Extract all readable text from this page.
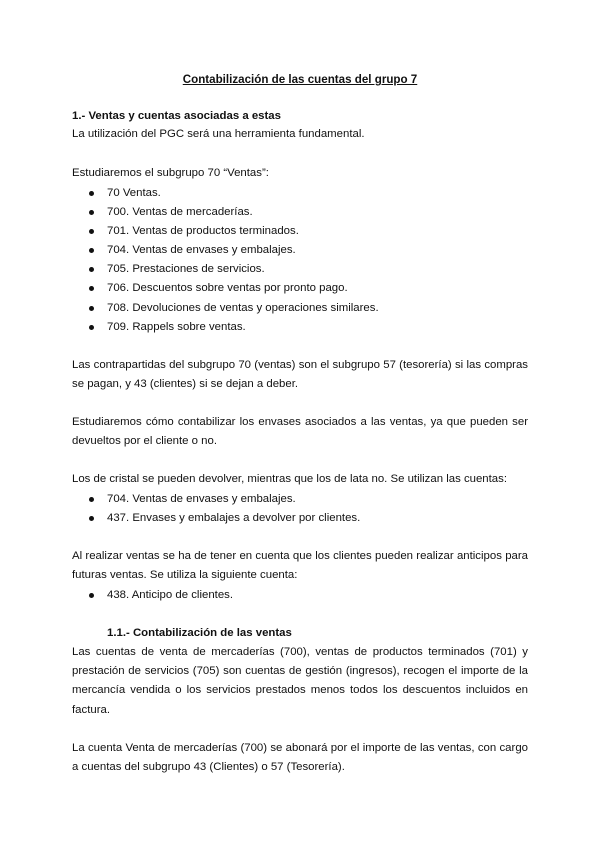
Contabilización de las cuentas del grupo 7
1.- Ventas y cuentas asociadas a estas
La utilización del PGC será una herramienta fundamental.
Estudiaremos el subgrupo 70 “Ventas”:
70 Ventas.
700. Ventas de mercaderías.
701. Ventas de productos terminados.
704. Ventas de envases y embalajes.
705. Prestaciones de servicios.
706. Descuentos sobre ventas por pronto pago.
708. Devoluciones de ventas y operaciones similares.
709. Rappels sobre ventas.
Las contrapartidas del subgrupo 70 (ventas) son el subgrupo 57 (tesorería) si las compras se pagan, y 43 (clientes) si se dejan a deber.
Estudiaremos cómo contabilizar los envases asociados a las ventas, ya que pueden ser devueltos por el cliente o no.
Los de cristal se pueden devolver, mientras que los de lata no. Se utilizan las cuentas:
704. Ventas de envases y embalajes.
437. Envases y embalajes a devolver por clientes.
Al realizar ventas se ha de tener en cuenta que los clientes pueden realizar anticipos para futuras ventas. Se utiliza la siguiente cuenta:
438. Anticipo de clientes.
1.1.- Contabilización de las ventas
Las cuentas de venta de mercaderías (700), ventas de productos terminados (701) y prestación de servicios (705) son cuentas de gestión (ingresos), recogen el importe de la mercancía vendida o los servicios prestados menos todos los descuentos incluidos en factura.
La cuenta Venta de mercaderías (700) se abonará por el importe de las ventas, con cargo a cuentas del subgrupo 43 (Clientes) o 57 (Tesorería).
